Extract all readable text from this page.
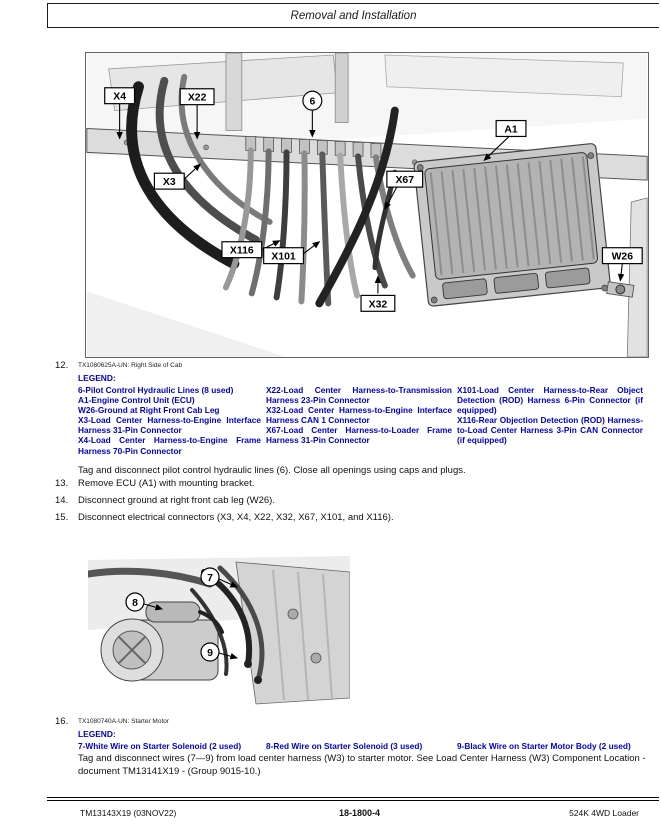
Removal and Installation
X4	X22	6
A1
X3	X67
W26
X116
X101
X32
12. TX1080625A-UN: Right Side of Cab
LEGEND:

6-Pilot Control Hydraulic Lines (8 used)

A1-Engine Control Unit (ECU)

W26-Ground at Right Front Cab Leg

X3-Load Center Harness-to-Engine Interface Harness 31-Pin Connector

X4-Load Center Harness-to-Engine Frame Harness 70-Pin Connector

X22-Load Center Harness-to-Transmission Harness 23-Pin Connector

X32-Load Center Harness-to-Engine Interface Harness CAN 1 Connector

X67-Load Center Harness-to-Loader Frame Harness 31-Pin Connector

X101-Load Center Harness-to-Rear Object Detection (ROD) Harness 6-Pin Connector (if equipped)

X116-Rear Objection Detection (ROD) Harness-to-Load Center Harness 3-Pin CAN Connector (if equipped)

Tag and disconnect pilot control hydraulic lines (6). Close all openings using caps and plugs.

13. Remove ECU (A1) with mounting bracket.
14. Disconnect ground at right front cab leg (W26).
15. Disconnect electrical connectors (X3, X4, X22, X32, X67, X101, and X116).
7
8
9
16. TX1080740A-UN: Starter Motor
LEGEND:

7-White Wire on Starter Solenoid (2 used)	8-Red Wire on Starter Solenoid (3 used)	9-Black Wire on Starter Motor Body (2 used)

Tag and disconnect wires (7—9) from load center harness (W3) to starter motor. See Load Center Harness (W3) Component Location - document TM13141X19 - (Group 9015-10.)

TM13143X19 (03NOV22)	18-1800-4	524K 4WD Loader
